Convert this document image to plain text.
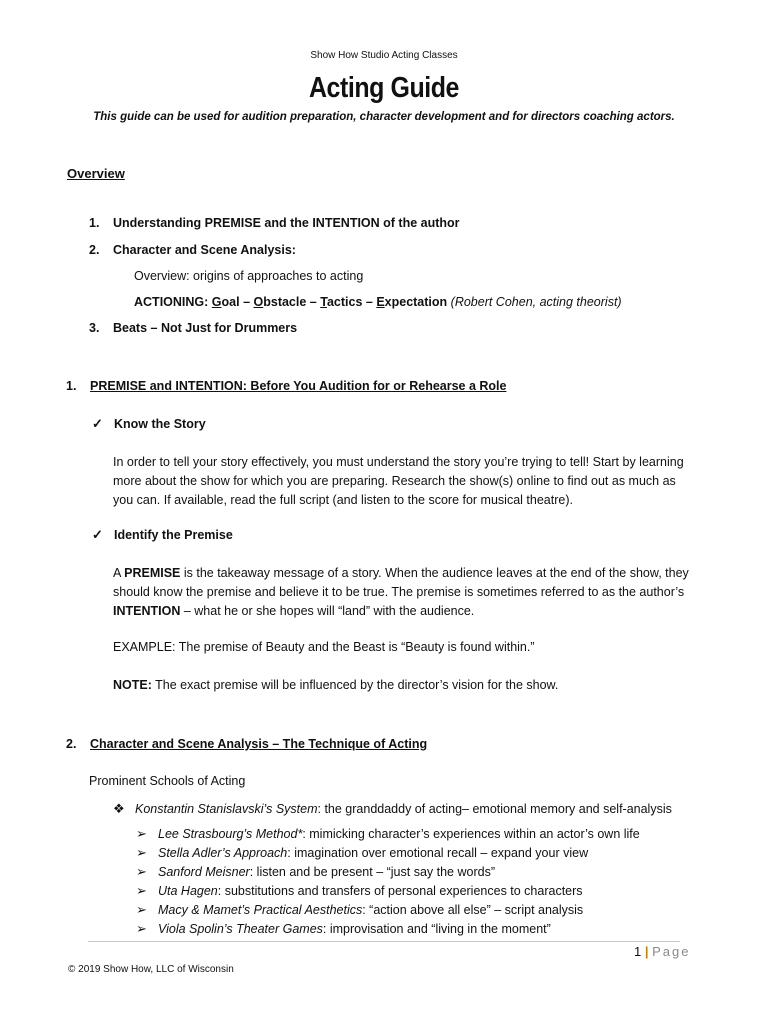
Show How Studio Acting Classes
Acting Guide
This guide can be used for audition preparation, character development and for directors coaching actors.
Overview
1. Understanding PREMISE and the INTENTION of the author
2. Character and Scene Analysis:
Overview: origins of approaches to acting
ACTIONING: Goal – Obstacle – Tactics – Expectation (Robert Cohen, acting theorist)
3. Beats – Not Just for Drummers
1. PREMISE and INTENTION: Before You Audition for or Rehearse a Role
✓ Know the Story
In order to tell your story effectively, you must understand the story you’re trying to tell! Start by learning more about the show for which you are preparing. Research the show(s) online to find out as much as you can. If available, read the full script (and listen to the score for musical theatre).
✓ Identify the Premise
A PREMISE is the takeaway message of a story. When the audience leaves at the end of the show, they should know the premise and believe it to be true. The premise is sometimes referred to as the author’s INTENTION – what he or she hopes will “land” with the audience.
EXAMPLE: The premise of Beauty and the Beast is “Beauty is found within.”
NOTE: The exact premise will be influenced by the director’s vision for the show.
2. Character and Scene Analysis – The Technique of Acting
Prominent Schools of Acting
❖ Konstantin Stanislavski’s System: the granddaddy of acting– emotional memory and self-analysis
➢ Lee Strasbourg’s Method*: mimicking character’s experiences within an actor’s own life
➢ Stella Adler’s Approach: imagination over emotional recall – expand your view
➢ Sanford Meisner: listen and be present – “just say the words”
➢ Uta Hagen: substitutions and transfers of personal experiences to characters
➢ Macy & Mamet’s Practical Aesthetics: “action above all else” – script analysis
➢ Viola Spolin’s Theater Games: improvisation and “living in the moment”
1 | Page
© 2019 Show How, LLC of Wisconsin
